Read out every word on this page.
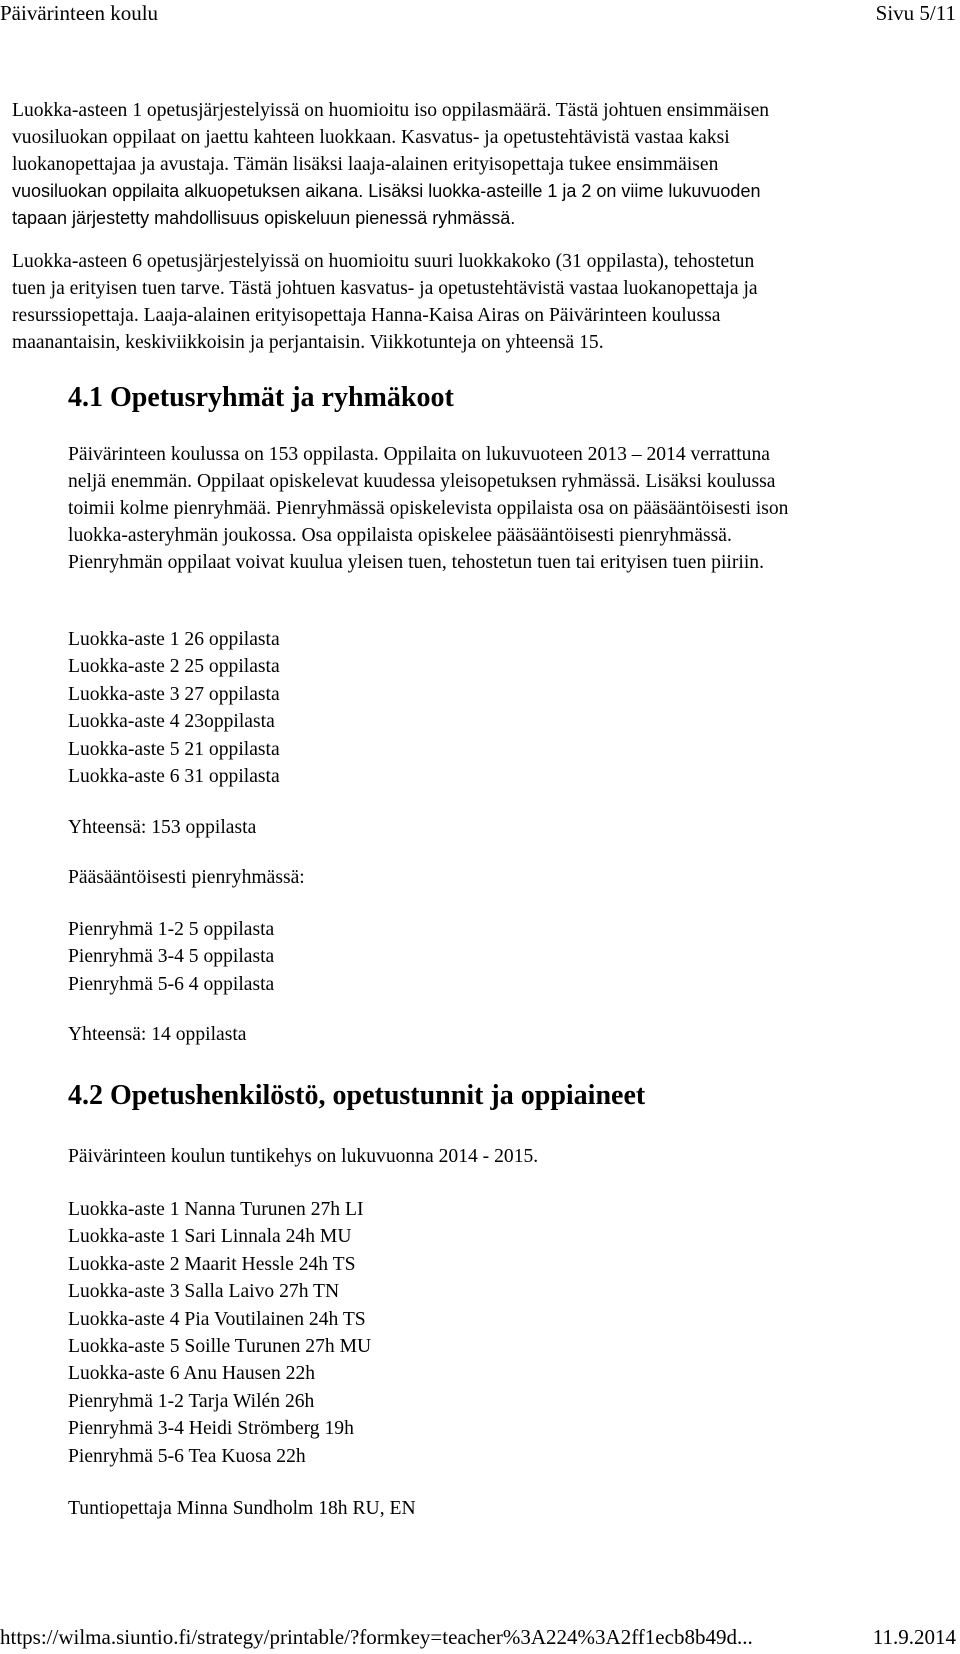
Päivärinteen koulu	Sivu 5/11
Luokka-asteen 1 opetusjärjestelyissä on huomioitu iso oppilasmäärä. Tästä johtuen ensimmäisen
vuosiluokan oppilaat on jaettu kahteen luokkaan. Kasvatus- ja opetustehtävistä vastaa kaksi
luokanopettajaa ja avustaja. Tämän lisäksi laaja-alainen erityisopettaja tukee ensimmäisen
vuosiluokan oppilaita alkuopetuksen aikana. Lisäksi luokka-asteille 1 ja 2 on viime lukuvuoden
tapaan järjestetty mahdollisuus opiskeluun pienessä ryhmässä.
Luokka-asteen 6 opetusjärjestelyissä on huomioitu suuri luokkakoko (31 oppilasta), tehostetun
tuen ja erityisen tuen tarve. Tästä johtuen kasvatus- ja opetustehtävistä vastaa luokanopettaja ja
resurssiopettaja. Laaja-alainen erityisopettaja Hanna-Kaisa Airas on Päivärinteen koulussa
maanantaisin, keskiviikkoisin ja perjantaisin. Viikkotunteja on yhteensä 15.
4.1 Opetusryhmät ja ryhmäkoot
Päivärinteen koulussa on 153 oppilasta. Oppilaita on lukuvuoteen 2013 – 2014 verrattuna
neljä enemmän. Oppilaat opiskelevat kuudessa yleisopetuksen ryhmässä. Lisäksi koulussa
toimii kolme pienryhmää. Pienryhmässä opiskelevista oppilaista osa on pääsääntöisesti ison
luokka-asteryhmän joukossa. Osa oppilaista opiskelee pääsääntöisesti pienryhmässä.
Pienryhmän oppilaat voivat kuulua yleisen tuen, tehostetun tuen tai erityisen tuen piiriin.
Luokka-aste 1 26 oppilasta
Luokka-aste 2 25 oppilasta
Luokka-aste 3 27 oppilasta
Luokka-aste 4 23oppilasta
Luokka-aste 5 21 oppilasta
Luokka-aste 6 31 oppilasta
Yhteensä: 153 oppilasta
Pääsääntöisesti pienryhmässä:
Pienryhmä 1-2 5 oppilasta
Pienryhmä 3-4 5 oppilasta
Pienryhmä 5-6 4 oppilasta
Yhteensä: 14 oppilasta
4.2 Opetushenkilöstö, opetustunnit ja oppiaineet
Päivärinteen koulun tuntikehys on lukuvuonna 2014 - 2015.
Luokka-aste 1 Nanna Turunen 27h LI
Luokka-aste 1 Sari Linnala 24h MU
Luokka-aste 2 Maarit Hessle 24h TS
Luokka-aste 3 Salla Laivo 27h TN
Luokka-aste 4 Pia Voutilainen 24h TS
Luokka-aste 5 Soille Turunen 27h MU
Luokka-aste 6 Anu Hausen 22h
Pienryhmä 1-2 Tarja Wilén 26h
Pienryhmä 3-4 Heidi Strömberg 19h
Pienryhmä 5-6 Tea Kuosa 22h
Tuntiopettaja Minna Sundholm 18h RU, EN
https://wilma.siuntio.fi/strategy/printable/?formkey=teacher%3A224%3A2ff1ecb8b49d...	11.9.2014
